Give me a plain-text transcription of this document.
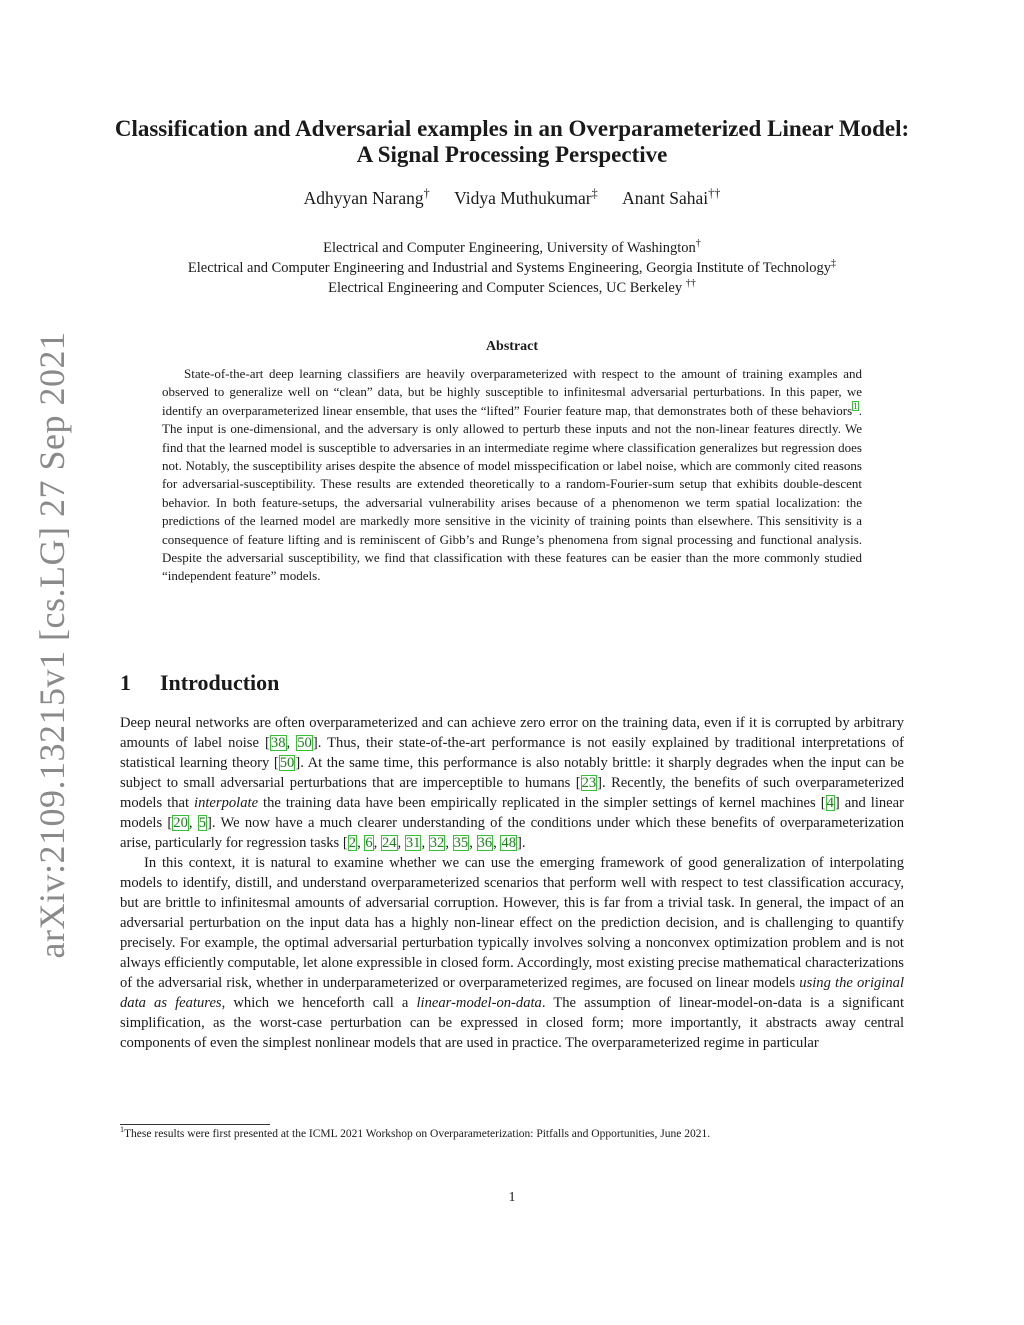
arXiv:2109.13215v1 [cs.LG] 27 Sep 2021
Classification and Adversarial examples in an Overparameterized Linear Model: A Signal Processing Perspective
Adhyyan Narang† Vidya Muthukumar‡ Anant Sahai††
Electrical and Computer Engineering, University of Washington†
Electrical and Computer Engineering and Industrial and Systems Engineering, Georgia Institute of Technology‡
Electrical Engineering and Computer Sciences, UC Berkeley ††
Abstract

State-of-the-art deep learning classifiers are heavily overparameterized with respect to the amount of training examples and observed to generalize well on “clean” data, but be highly susceptible to infinitesmal adversarial perturbations. In this paper, we identify an overparameterized linear ensemble, that uses the “lifted” Fourier feature map, that demonstrates both of these behaviors$^1$. The input is one-dimensional, and the adversary is only allowed to perturb these inputs and not the non-linear features directly. We find that the learned model is susceptible to adversaries in an intermediate regime where classification generalizes but regression does not. Notably, the susceptibility arises despite the absence of model misspecification or label noise, which are commonly cited reasons for adversarial-susceptibility. These results are extended theoretically to a random-Fourier-sum setup that exhibits double-descent behavior. In both feature-setups, the adversarial vulnerability arises because of a phenomenon we term spatial localization: the predictions of the learned model are markedly more sensitive in the vicinity of training points than elsewhere. This sensitivity is a consequence of feature lifting and is reminiscent of Gibb’s and Runge’s phenomena from signal processing and functional analysis. Despite the adversarial susceptibility, we find that classification with these features can be easier than the more commonly studied “independent feature” models.

1 Introduction

Deep neural networks are often overparameterized and can achieve zero error on the training data, even if it is corrupted by arbitrary amounts of label noise [38, 50]. Thus, their state-of-the-art performance is not easily explained by traditional interpretations of statistical learning theory [50]. At the same time, this performance is also notably brittle: it sharply degrades when the input can be subject to small adversarial perturbations that are imperceptible to humans [23]. Recently, the benefits of such overparameterized models that interpolate the training data have been empirically replicated in the simpler settings of kernel machines [4] and linear models [20, 5]. We now have a much clearer understanding of the conditions under which these benefits of overparameterization arise, particularly for regression tasks [2, 6, 24, 31, 32, 35, 36, 48].

In this context, it is natural to examine whether we can use the emerging framework of good generalization of interpolating models to identify, distill, and understand overparameterized scenarios that perform well with respect to test classification accuracy, but are brittle to infinitesmal amounts of adversarial corruption. However, this is far from a trivial task. In general, the impact of an adversarial perturbation on the input data has a highly non-linear effect on the prediction decision, and is challenging to quantify precisely. For example, the optimal adversarial perturbation typically involves solving a nonconvex optimization problem and is not always efficiently computable, let alone expressible in closed form. Accordingly, most existing precise mathematical characterizations of the adversarial risk, whether in underparameterized or overparameterized regimes, are focused on linear models using the original data as features, which we henceforth call a linear-model-on-data. The assumption of linear-model-on-data is a significant simplification, as the worst-case perturbation can be expressed in closed form; more importantly, it abstracts away central components of even the simplest nonlinear models that are used in practice. The overparameterized regime in particular

$^1$These results were first presented at the ICML 2021 Workshop on Overparameterization: Pitfalls and Opportunities, June 2021.
1
